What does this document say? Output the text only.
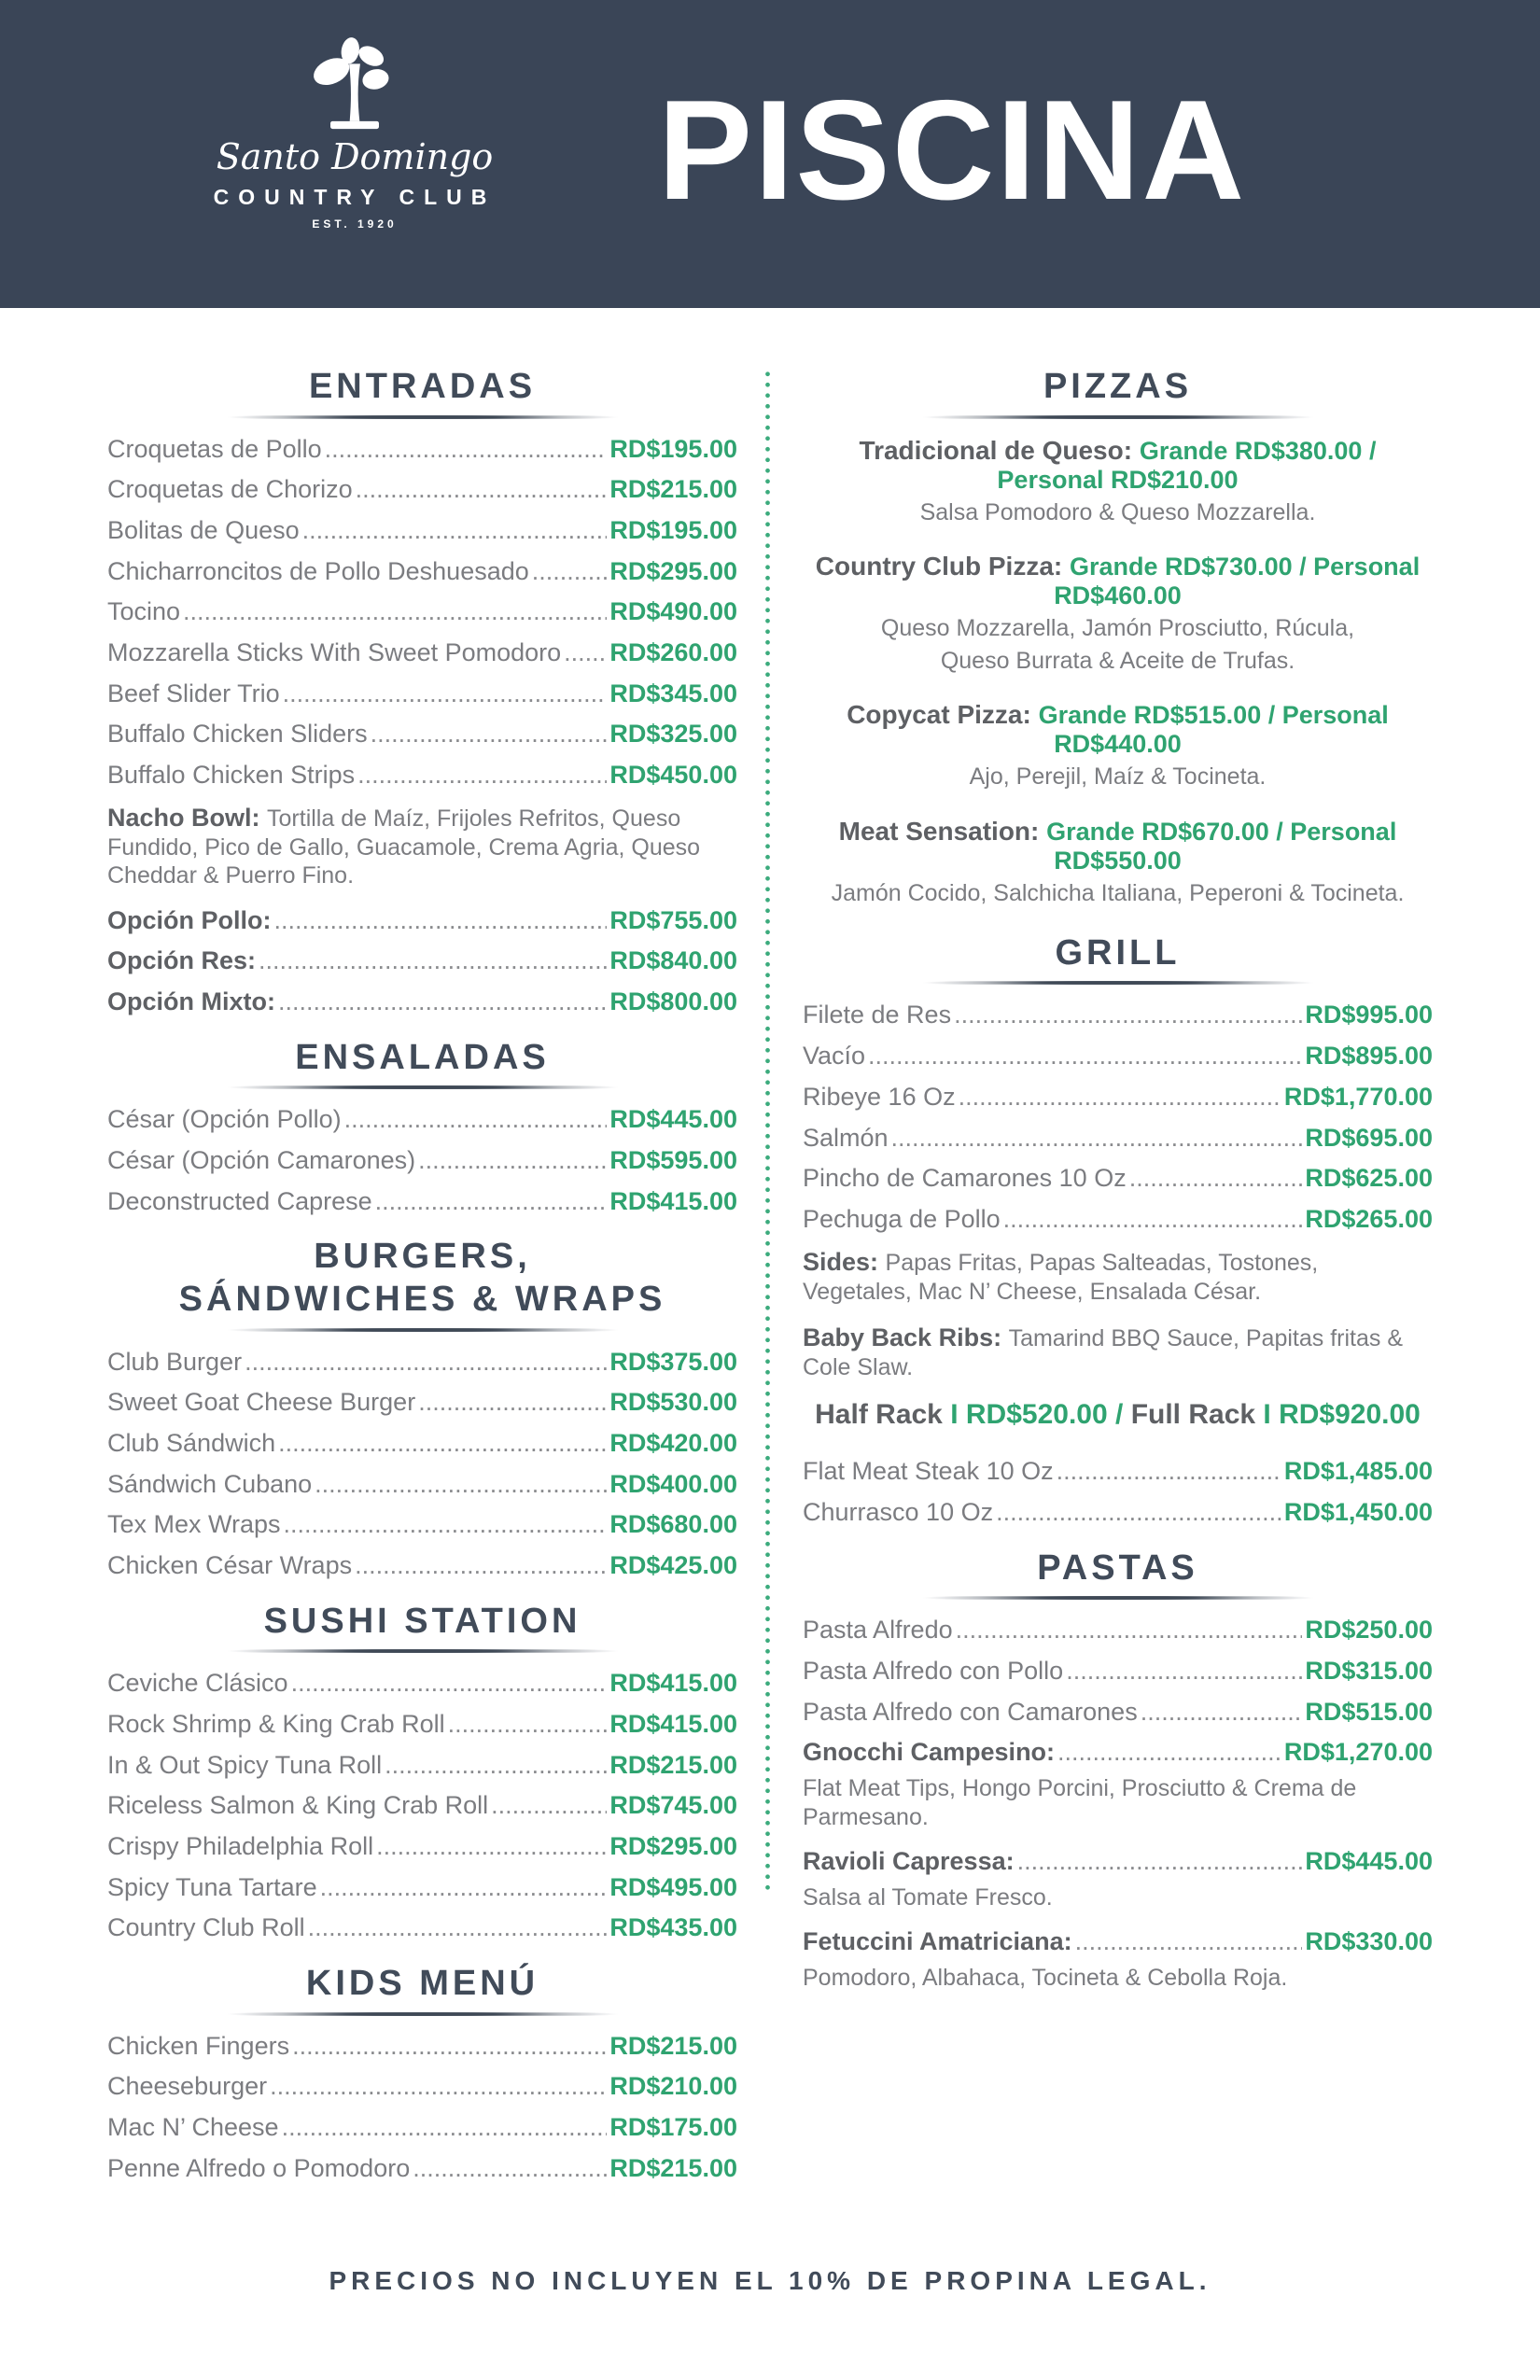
Santo Domingo
COUNTRY CLUB
EST. 1920	PISCINA
ENTRADAS
Croquetas de Pollo .....	RD$195.00
Croquetas de Chorizo .....	RD$215.00
Bolitas de Queso .....	RD$195.00
Chicharroncitos de Pollo Deshuesado .....	RD$295.00
Tocino .....	RD$490.00
Mozzarella Sticks With Sweet Pomodoro ..... RD$260.00
Beef Slider Trio .....	RD$345.00
Buffalo Chicken Sliders .....	RD$325.00
Buffalo Chicken Strips .....	RD$450.00
Nacho Bowl: Tortilla de Maíz, Frijoles Refritos, Queso Fundido, Pico de Gallo, Guacamole, Crema Agria, Queso Cheddar & Puerro Fino.
Opción Pollo: .....	RD$755.00
Opción Res: .....	RD$840.00
Opción Mixto: .....	RD$800.00
ENSALADAS
César (Opción Pollo) .....	RD$445.00
César (Opción Camarones) .....	RD$595.00
Deconstructed Caprese .....	RD$415.00
BURGERS,
SÁNDWICHES & WRAPS
Club Burger .....	RD$375.00
Sweet Goat Cheese Burger .....	RD$530.00
Club Sándwich .....	RD$420.00
Sándwich Cubano .....	RD$400.00
Tex Mex Wraps .....	RD$680.00
Chicken César Wraps .....	RD$425.00
SUSHI STATION
Ceviche Clásico .....	RD$415.00
Rock Shrimp & King Crab Roll .....	RD$415.00
In & Out Spicy Tuna Roll .....	RD$215.00
Riceless Salmon & King Crab Roll .....	RD$745.00
Crispy Philadelphia Roll .....	RD$295.00
Spicy Tuna Tartare .....	RD$495.00
Country Club Roll .....	RD$435.00
KIDS MENÚ
Chicken Fingers .....	RD$215.00
Cheeseburger .....	RD$210.00
Mac N’ Cheese .....	RD$175.00
Penne Alfredo o Pomodoro .....	RD$215.00
PIZZAS
Tradicional de Queso: Grande RD$380.00 / Personal RD$210.00
Salsa Pomodoro & Queso Mozzarella.
Country Club Pizza: Grande RD$730.00 / Personal RD$460.00
Queso Mozzarella, Jamón Prosciutto, Rúcula,
Queso Burrata & Aceite de Trufas.
Copycat Pizza: Grande RD$515.00 / Personal RD$440.00
Ajo, Perejil, Maíz & Tocineta.
Meat Sensation: Grande RD$670.00 / Personal RD$550.00
Jamón Cocido, Salchicha Italiana, Peperoni & Tocineta.
GRILL
Filete de Res .....	RD$995.00
Vacío .....	RD$895.00
Ribeye 16 Oz .....	RD$1,770.00
Salmón .....	RD$695.00
Pincho de Camarones 10 Oz .....	RD$625.00
Pechuga de Pollo .....	RD$265.00
Sides: Papas Fritas, Papas Salteadas, Tostones, Vegetales, Mac N’ Cheese, Ensalada César.
Baby Back Ribs: Tamarind BBQ Sauce, Papitas fritas & Cole Slaw.
Half Rack I RD$520.00 / Full Rack I RD$920.00
Flat Meat Steak 10 Oz .....	RD$1,485.00
Churrasco 10 Oz .....	RD$1,450.00
PASTAS
Pasta Alfredo .....	RD$250.00
Pasta Alfredo con Pollo .....	RD$315.00
Pasta Alfredo con Camarones .....	RD$515.00
Gnocchi Campesino: .....	RD$1,270.00
Flat Meat Tips, Hongo Porcini, Prosciutto & Crema de Parmesano.
Ravioli Capressa: .....	RD$445.00
Salsa al Tomate Fresco.
Fetuccini Amatriciana: .....	RD$330.00
Pomodoro, Albahaca, Tocineta & Cebolla Roja.
PRECIOS NO INCLUYEN EL 10% DE PROPINA LEGAL.
